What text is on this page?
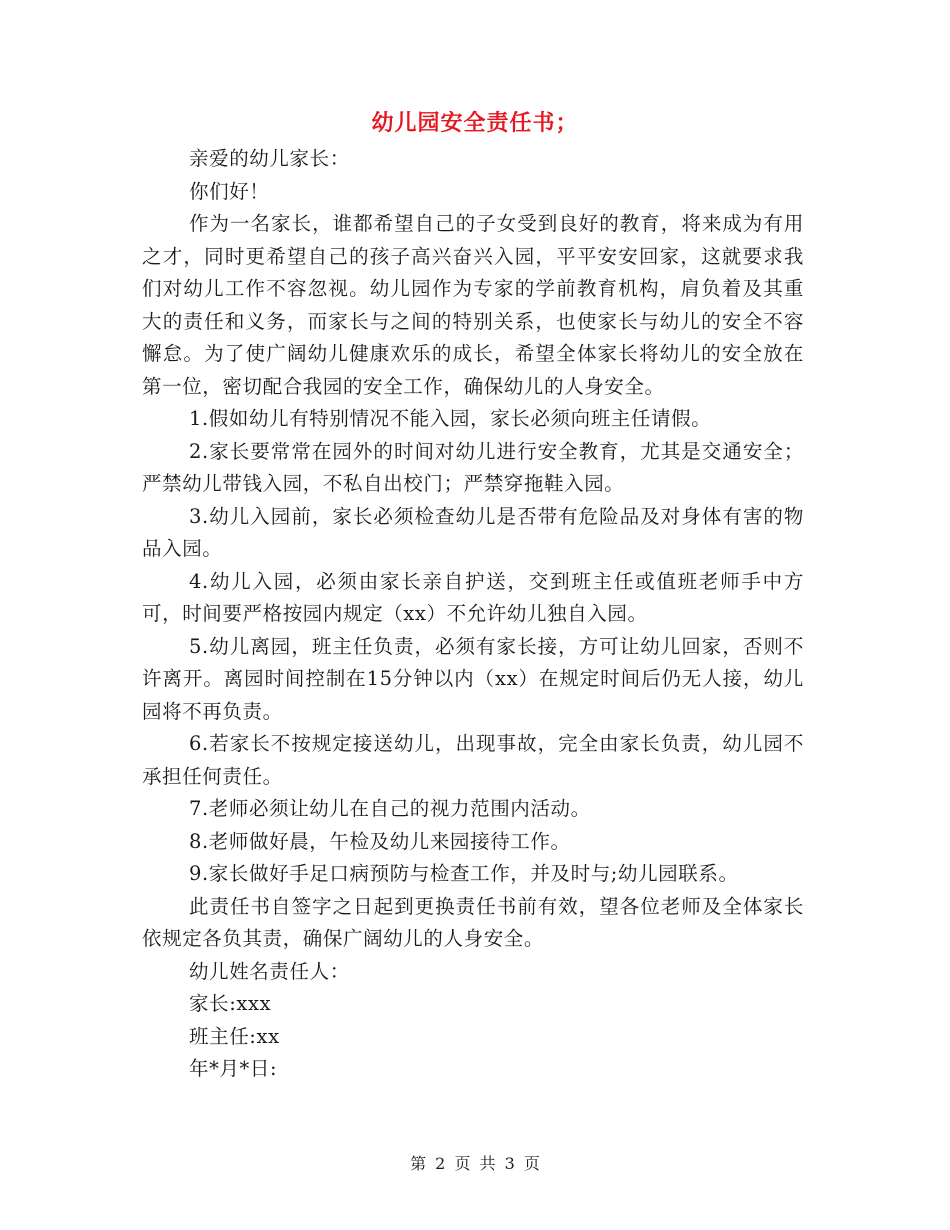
幼儿园安全责任书；

亲爱的幼儿家长：

你们好！

作为一名家长，谁都希望自己的子女受到良好的教育，将来成为有用之才，同时更希望自己的孩子高兴奋兴入园，平平安安回家，这就要求我们对幼儿工作不容忽视。幼儿园作为专家的学前教育机构，肩负着及其重大的责任和义务，而家长与之间的特别关系，也使家长与幼儿的安全不容懈怠。为了使广阔幼儿健康欢乐的成长，希望全体家长将幼儿的安全放在第一位，密切配合我园的安全工作，确保幼儿的人身安全。

1.假如幼儿有特别情况不能入园，家长必须向班主任请假。

2.家长要常常在园外的时间对幼儿进行安全教育，尤其是交通安全；严禁幼儿带钱入园，不私自出校门；严禁穿拖鞋入园。

3.幼儿入园前，家长必须检查幼儿是否带有危险品及对身体有害的物品入园。

4.幼儿入园，必须由家长亲自护送，交到班主任或值班老师手中方可，时间要严格按园内规定（xx）不允许幼儿独自入园。

5.幼儿离园，班主任负责，必须有家长接，方可让幼儿回家，否则不许离开。离园时间控制在15分钟以内（xx）在规定时间后仍无人接，幼儿园将不再负责。

6.若家长不按规定接送幼儿，出现事故，完全由家长负责，幼儿园不承担任何责任。

7.老师必须让幼儿在自己的视力范围内活动。

8.老师做好晨，午检及幼儿来园接待工作。

9.家长做好手足口病预防与检查工作，并及时与;幼儿园联系。

此责任书自签字之日起到更换责任书前有效，望各位老师及全体家长依规定各负其责，确保广阔幼儿的人身安全。

幼儿姓名责任人：

家长:xxx

班主任:xx

年*月*日:

第 2 页 共 3 页
